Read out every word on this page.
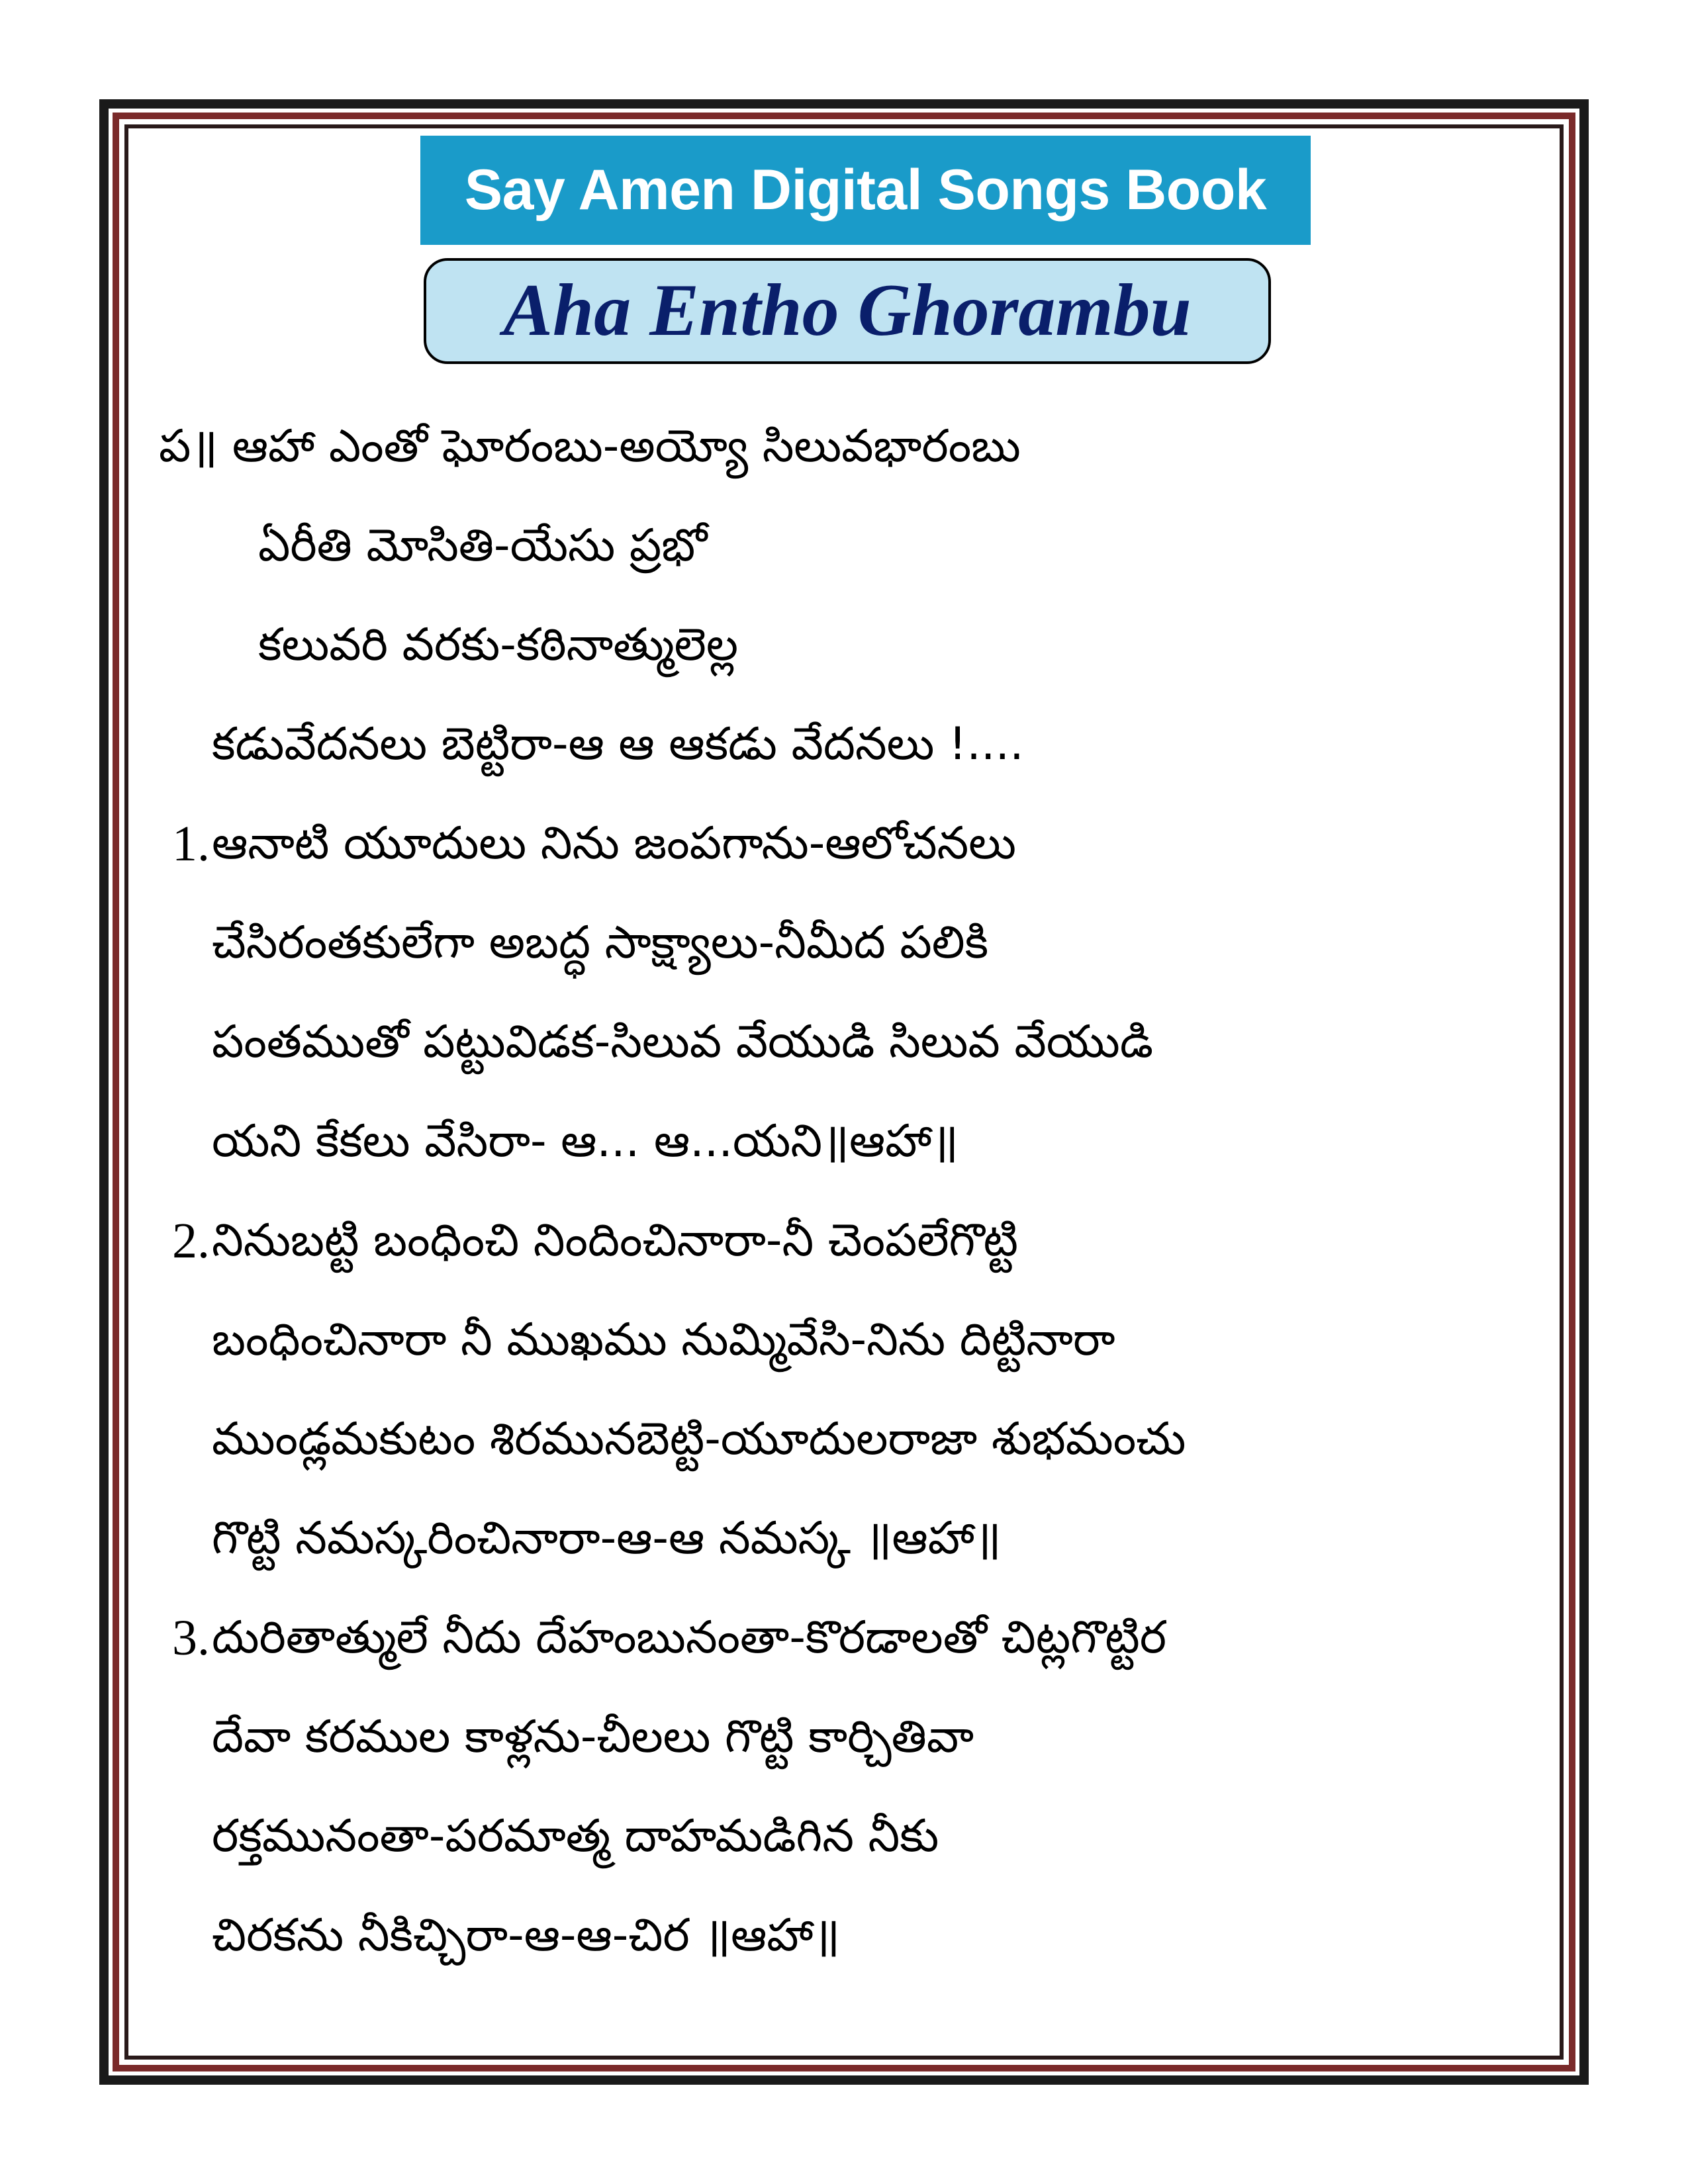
Say Amen Digital Songs Book
Aha Entho Ghorambu
ప॥ ఆహా ఎంతో ఘోరంబు-అయ్యో సిలువభారంబు
ఏరీతి మోసితి-యేసు ప్రభో
కలువరి వరకు-కఠినాత్ములెల్ల
కడువేదనలు బెట్టిరా-ఆ ఆ ఆకడు వేదనలు !....
1. ఆనాటి యూదులు నిను జంపగాను-ఆలోచనలు
చేసిరంతకులేగా అబద్ధ సాక్ష్యాలు-నీమీద పలికి
పంతముతో పట్టువిడక-సిలువ వేయుడి సిలువ వేయుడి
యని కేకలు వేసిరా- ఆ... ఆ...యని॥ఆహా॥
2. నినుబట్టి బంధించి నిందించినారా-నీ చెంపలేగొట్టి
బంధించినారా నీ ముఖము నుమ్మివేసి-నిను దిట్టినారా
ముండ్లమకుటం శిరమునబెట్టి-యూదులరాజా శుభమంచు
గొట్టి నమస్కరించినారా-ఆ-ఆ నమస్క ॥ఆహా॥
3. దురితాత్ములే నీదు దేహంబునంతా-కొరడాలతో చిట్లగొట్టిర
దేవా కరముల కాళ్లను-చీలలు గొట్టి కార్చితివా
రక్తమునంతా-పరమాత్మ దాహమడిగిన నీకు
చిరకను నీకిచ్చిరా-ఆ-ఆ-చిర ॥ఆహా॥
